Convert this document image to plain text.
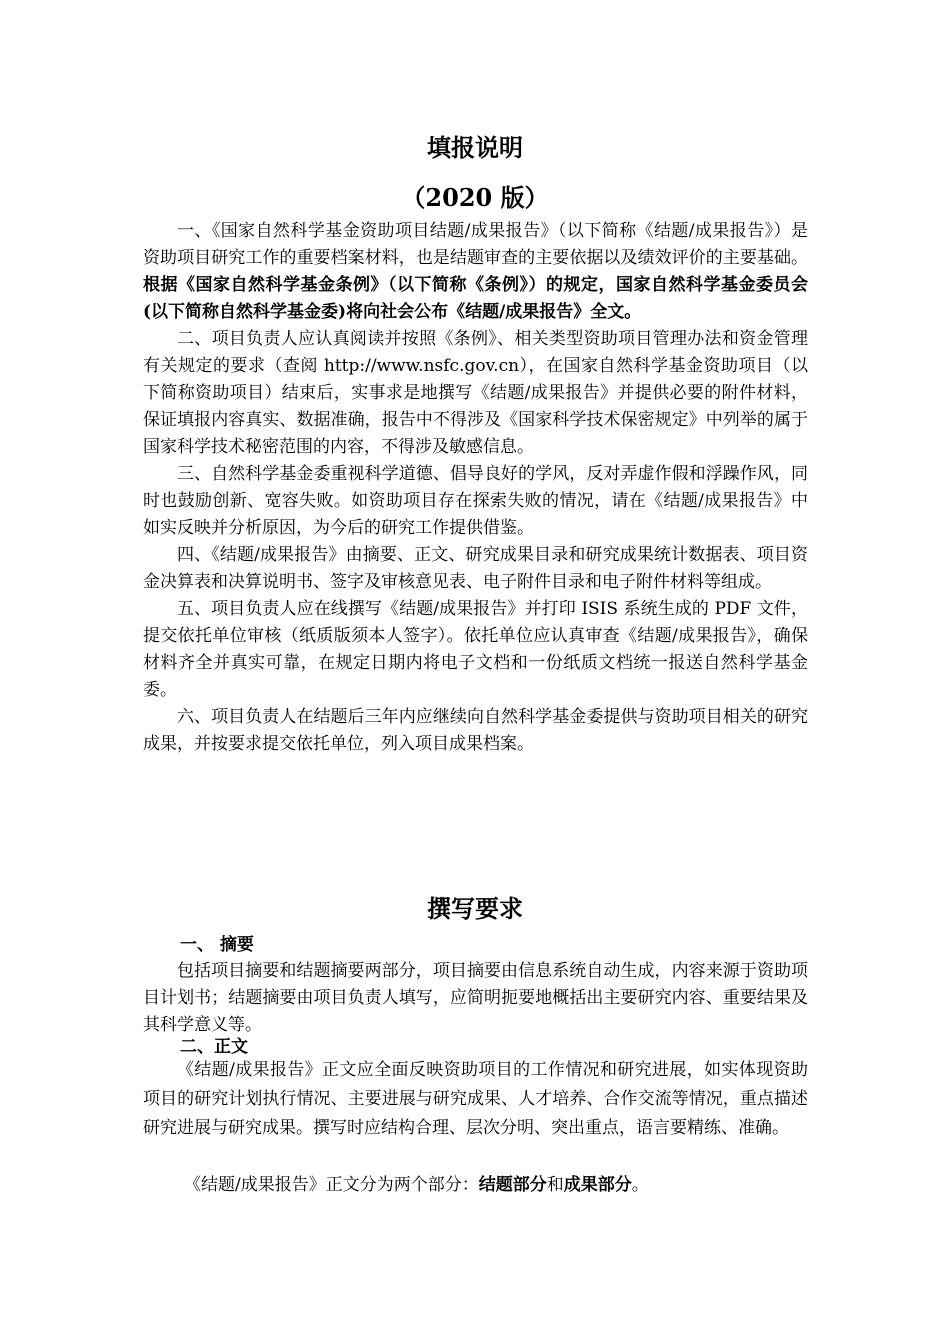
填报说明
（2020 版）

一、《国家自然科学基金资助项目结题/成果报告》（以下简称《结题/成果报告》）是资助项目研究工作的重要档案材料，也是结题审查的主要依据以及绩效评价的主要基础。根据《国家自然科学基金条例》（以下简称《条例》）的规定，国家自然科学基金委员会(以下简称自然科学基金委)将向社会公布《结题/成果报告》全文。

二、项目负责人应认真阅读并按照《条例》、相关类型资助项目管理办法和资金管理有关规定的要求（查阅 http://www.nsfc.gov.cn），在国家自然科学基金资助项目（以下简称资助项目）结束后，实事求是地撰写《结题/成果报告》并提供必要的附件材料，保证填报内容真实、数据准确，报告中不得涉及《国家科学技术保密规定》中列举的属于国家科学技术秘密范围的内容，不得涉及敏感信息。

三、自然科学基金委重视科学道德、倡导良好的学风，反对弄虚作假和浮躁作风，同时也鼓励创新、宽容失败。如资助项目存在探索失败的情况，请在《结题/成果报告》中如实反映并分析原因，为今后的研究工作提供借鉴。

四、《结题/成果报告》由摘要、正文、研究成果目录和研究成果统计数据表、项目资金决算表和决算说明书、签字及审核意见表、电子附件目录和电子附件材料等组成。

五、项目负责人应在线撰写《结题/成果报告》并打印 ISIS 系统生成的 PDF 文件，提交依托单位审核（纸质版须本人签字）。依托单位应认真审查《结题/成果报告》，确保材料齐全并真实可靠，在规定日期内将电子文档和一份纸质文档统一报送自然科学基金委。

六、项目负责人在结题后三年内应继续向自然科学基金委提供与资助项目相关的研究成果，并按要求提交依托单位，列入项目成果档案。

撰写要求
一、 摘要

包括项目摘要和结题摘要两部分，项目摘要由信息系统自动生成，内容来源于资助项目计划书；结题摘要由项目负责人填写，应简明扼要地概括出主要研究内容、重要结果及其科学意义等。

二、正文

《结题/成果报告》正文应全面反映资助项目的工作情况和研究进展，如实体现资助项目的研究计划执行情况、主要进展与研究成果、人才培养、合作交流等情况，重点描述研究进展与研究成果。撰写时应结构合理、层次分明、突出重点，语言要精练、准确。

《结题/成果报告》正文分为两个部分：结题部分和成果部分。
